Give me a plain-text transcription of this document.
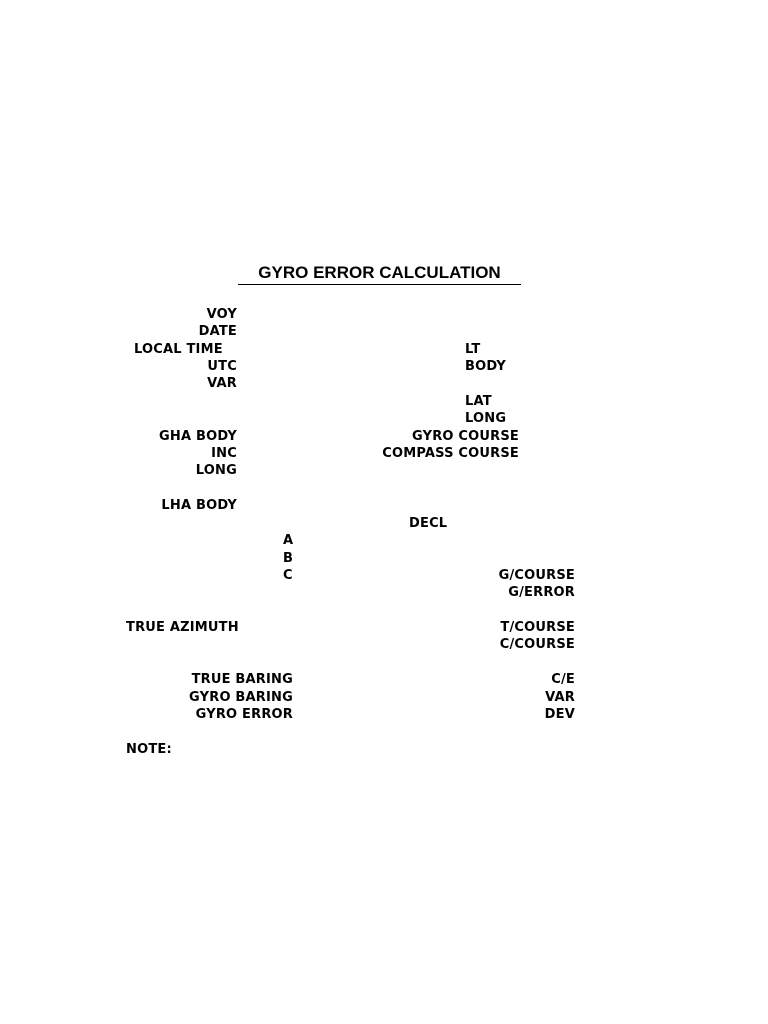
GYRO ERROR CALCULATION
VOY
DATE
LOCAL TIME
UTC
VAR
LT
BODY
LAT
LONG
GHA BODY
INC
LONG
GYRO COURSE
COMPASS COURSE
LHA BODY
DECL
A
B
C	G/COURSE
G/ERROR
TRUE AZIMUTH	T/COURSE
C/COURSE
TRUE BARING
GYRO BARING
GYRO ERROR
C/E
VAR
DEV
NOTE:
